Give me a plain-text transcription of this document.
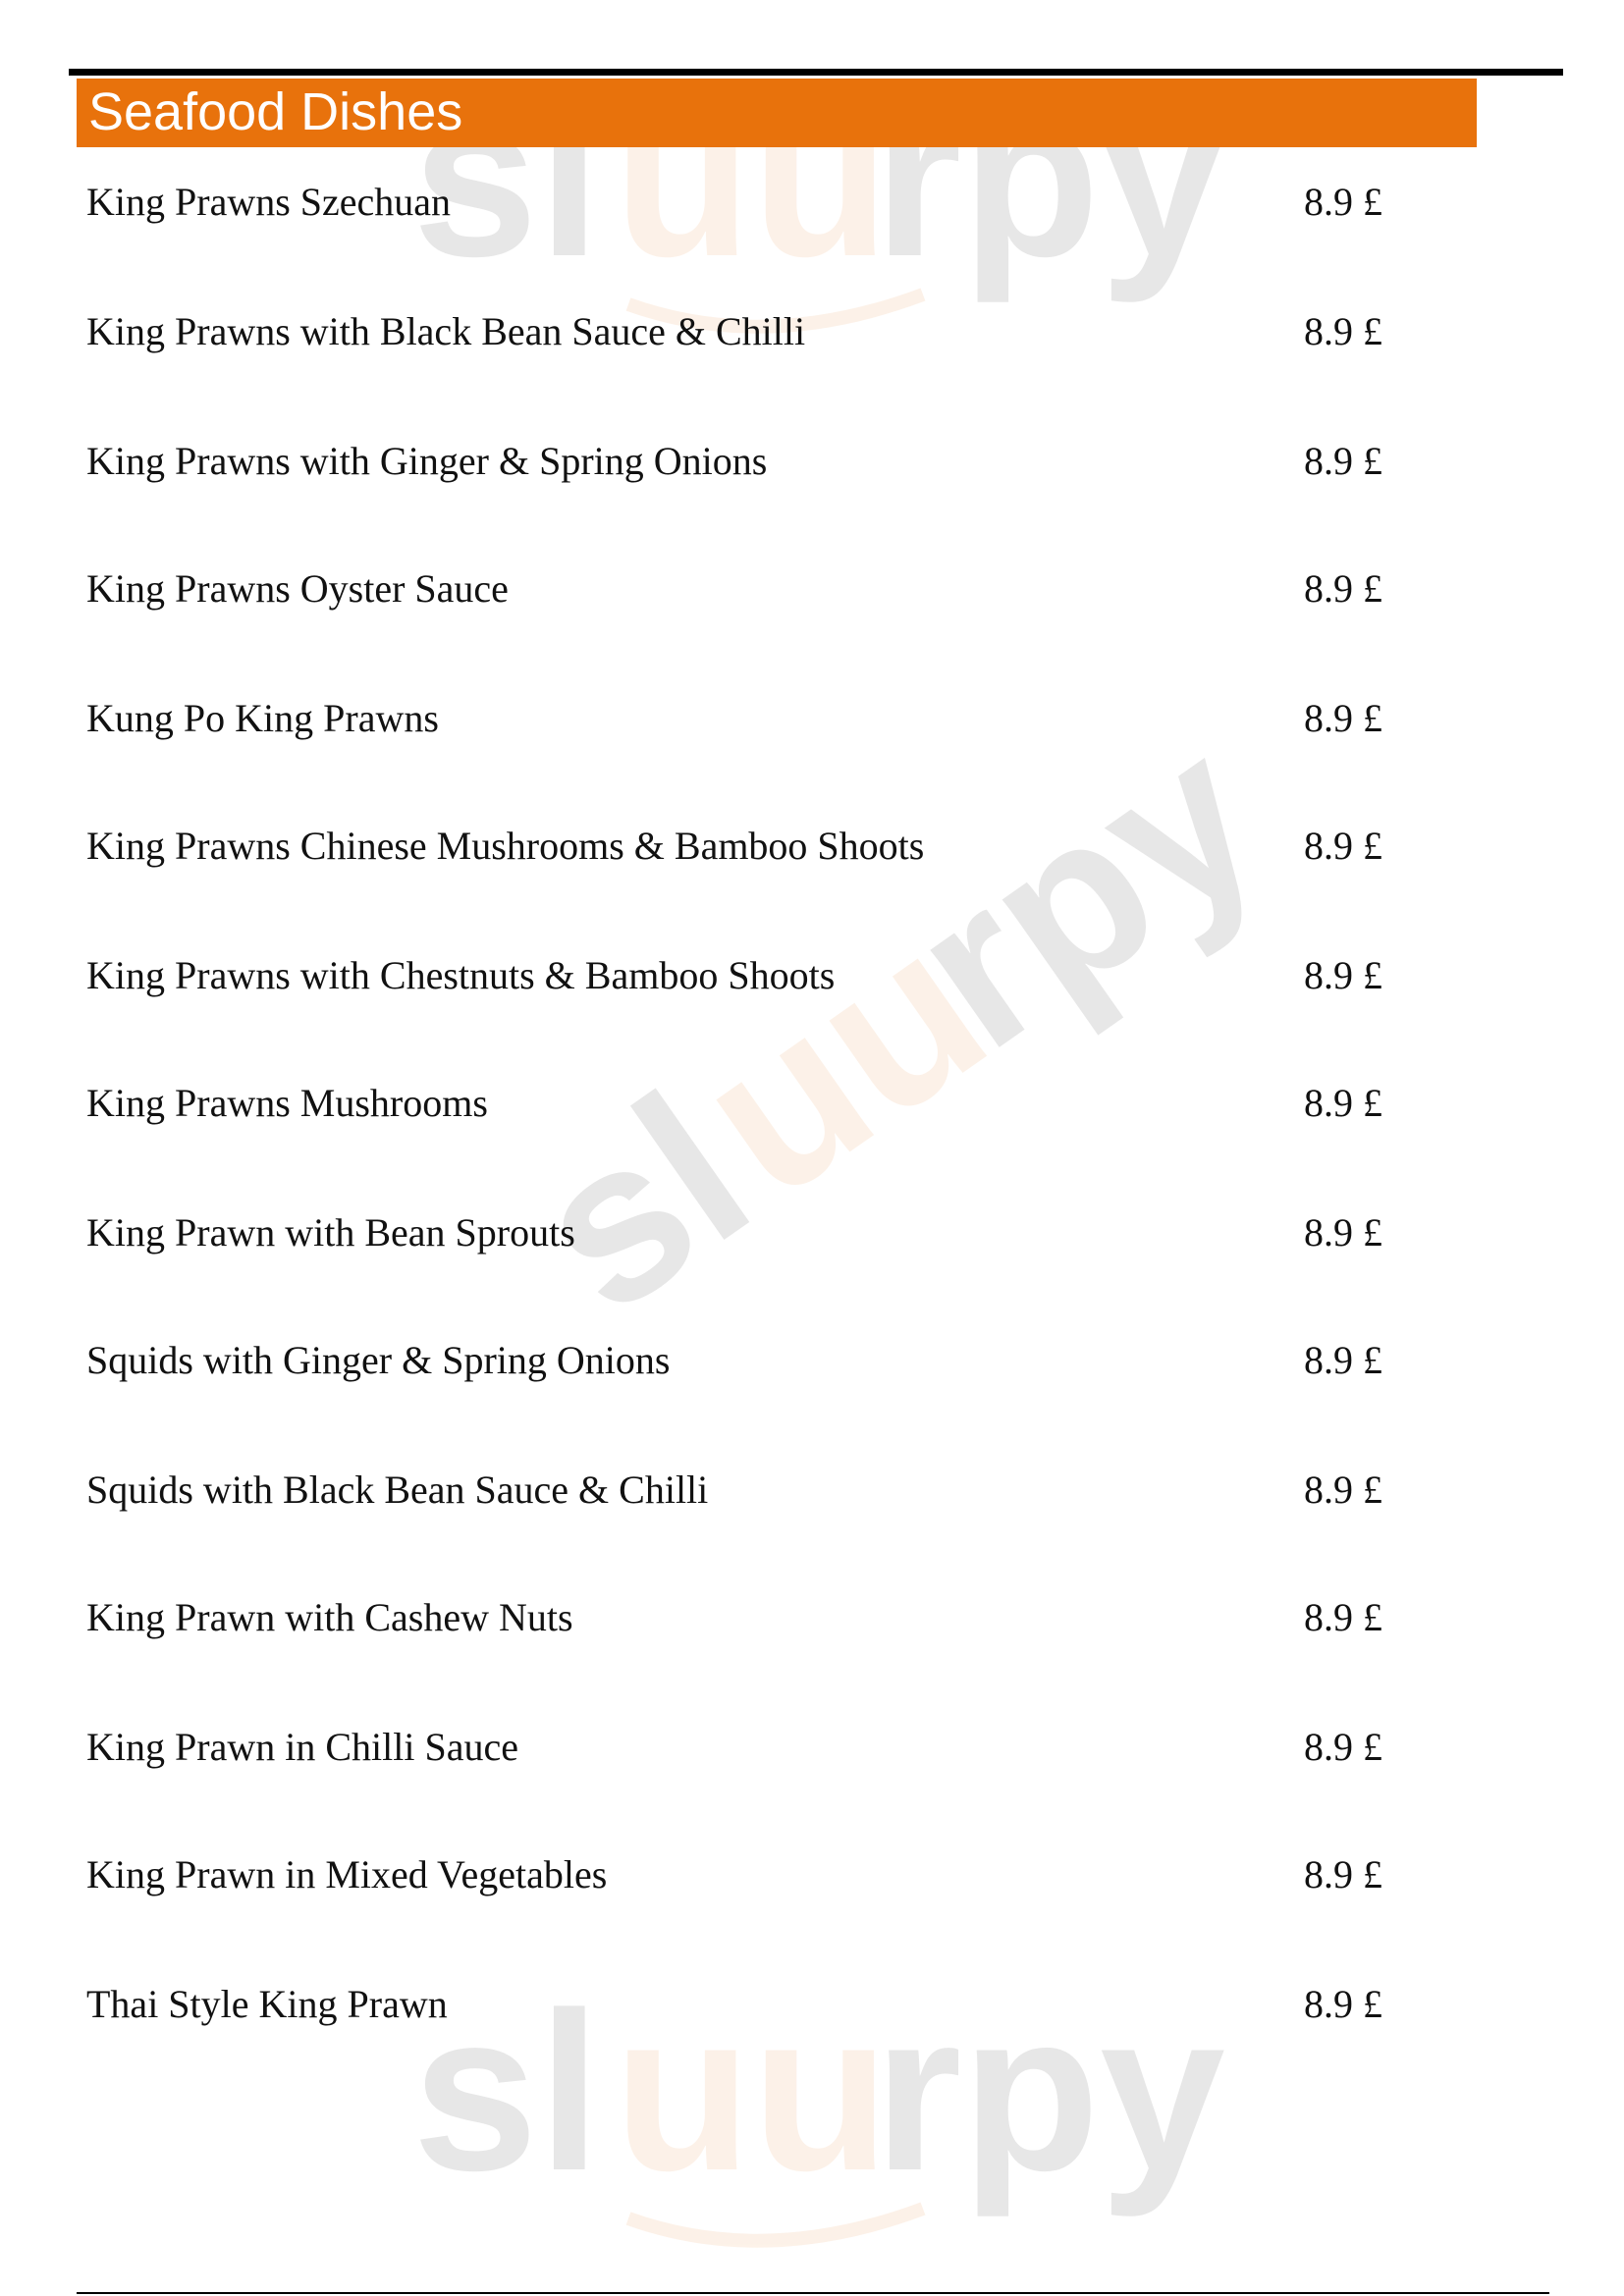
sl uu
rpy
sl
uu
rpy
sl uu
rpy
Seafood Dishes
King Prawns Szechuan	8.9 £
King Prawns with Black Bean Sauce & Chilli	8.9 £
King Prawns with Ginger & Spring Onions	8.9 £
King Prawns Oyster Sauce	8.9 £
Kung Po King Prawns	8.9 £
King Prawns Chinese Mushrooms & Bamboo Shoots	8.9 £
King Prawns with Chestnuts & Bamboo Shoots	8.9 £
King Prawns Mushrooms	8.9 £
King Prawn with Bean Sprouts	8.9 £
Squids with Ginger & Spring Onions	8.9 £
Squids with Black Bean Sauce & Chilli	8.9 £
King Prawn with Cashew Nuts	8.9 £
King Prawn in Chilli Sauce	8.9 £
King Prawn in Mixed Vegetables	8.9 £
Thai Style King Prawn	8.9 £
